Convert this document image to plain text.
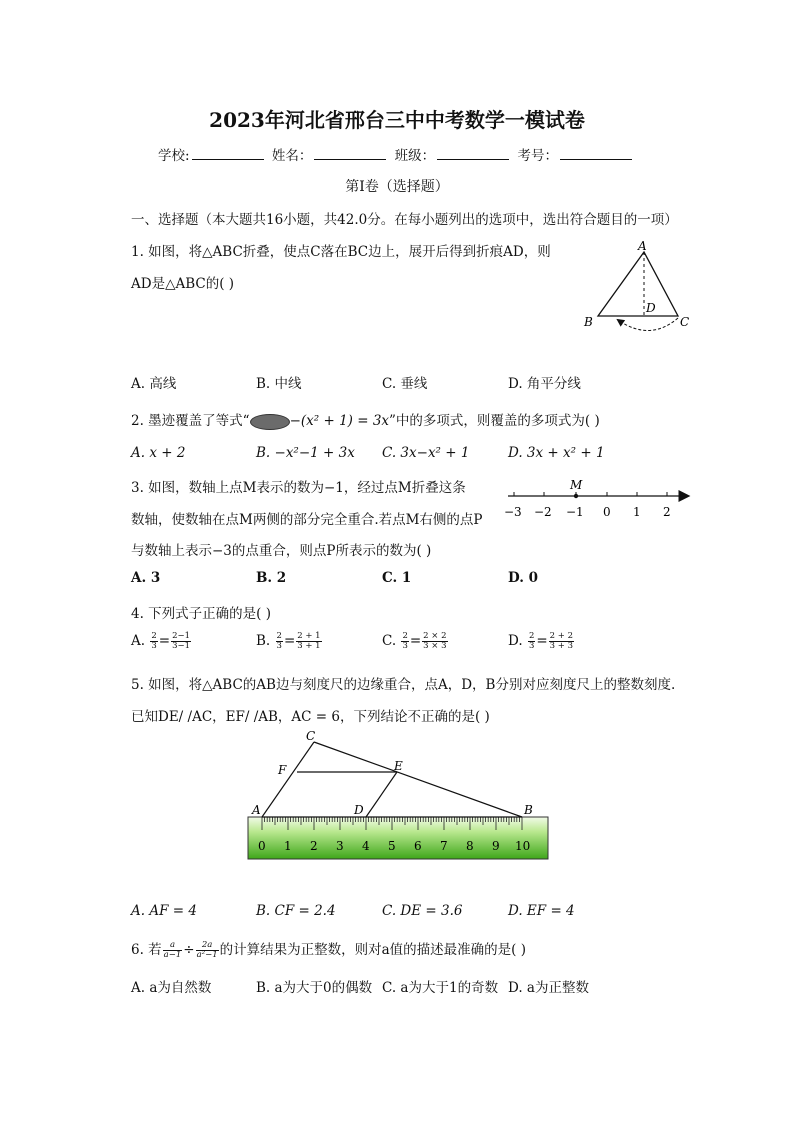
2023年河北省邢台三中中考数学一模试卷
学校:	姓名：	班级：	考号：
第I卷（选择题）
一、选择题（本大题共16小题，共42.0分。在每小题列出的选项中，选出符合题目的一项）
1. 如图，将△ABC折叠，使点C落在BC边上，展开后得到折痕AD，则
AD是△ABC的( )
A
B
D
C
A. 高线	B. 中线	C. 垂线	D. 角平分线
2. 墨迹覆盖了等式“	−(x² + 1) = 3x”中的多项式，则覆盖的多项式为( )
A. x + 2	B. −x²−1 + 3x C. 3x−x² + 1	D. 3x + x² + 1
3. 如图，数轴上点M表示的数为−1，经过点M折叠这条
数轴，使数轴在点M两侧的部分完全重合.若点M右侧的点P
与数轴上表示−3的点重合，则点P所表示的数为( )
M
−3 −2 −1 0 1 2
A. 3	B. 2	C. 1	D. 0
4. 下列式子正确的是( )
A. $\frac{2}{3} = \frac{2-1}{3-1}$	B. $\frac{2}{3} = \frac{2 + 1}{3 + 1}$	C. $\frac{2}{3} = \frac{2 \times 2}{3 \times 3}$	D. $\frac{2}{3} = \frac{2 + 2}{3 + 3}$
5. 如图，将△ABC的AB边与刻度尺的边缘重合，点A，D，B分别对应刻度尺上的整数刻度.
已知DE/ /AC，EF/ /AB，AC = 6，下列结论不正确的是( )
0 1 2 3 4 5 6 7 8 9 10
C
F	E
A	D	B
A. AF = 4	B. CF = 2.4	C. DE = 3.6	D. EF = 4
6. 若 $\frac{a}{a-1} \div \frac{2a}{\text{a²−1}}$ 的计算结果为正整数，则对a值的描述最准确的是( )
A. a为自然数	B. a为大于0的偶数 C. a为大于1的奇数 D. a为正整数
